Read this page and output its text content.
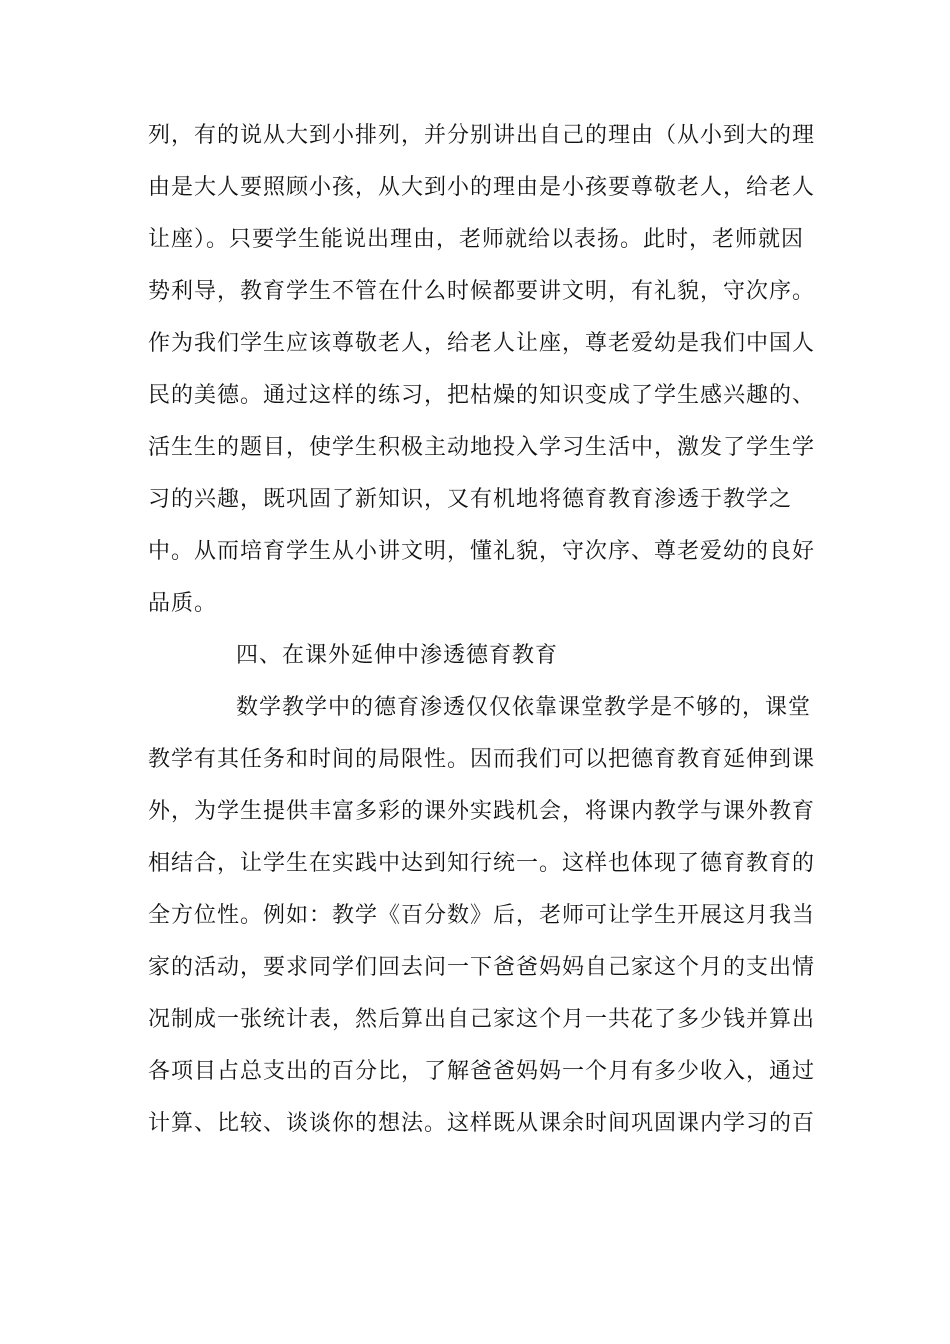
列，有的说从大到小排列，并分别讲出自己的理由（从小到大的理
由是大人要照顾小孩，从大到小的理由是小孩要尊敬老人，给老人
让座）。只要学生能说出理由，老师就给以表扬。此时，老师就因
势利导，教育学生不管在什么时候都要讲文明，有礼貌，守次序。
作为我们学生应该尊敬老人，给老人让座，尊老爱幼是我们中国人
民的美德。通过这样的练习，把枯燥的知识变成了学生感兴趣的、
活生生的题目，使学生积极主动地投入学习生活中，激发了学生学
习的兴趣，既巩固了新知识，又有机地将德育教育渗透于教学之
中。从而培育学生从小讲文明，懂礼貌，守次序、尊老爱幼的良好
品质。
四、在课外延伸中渗透德育教育
数学教学中的德育渗透仅仅依靠课堂教学是不够的，课堂
教学有其任务和时间的局限性。因而我们可以把德育教育延伸到课
外，为学生提供丰富多彩的课外实践机会，将课内教学与课外教育
相结合，让学生在实践中达到知行统一。这样也体现了德育教育的
全方位性。例如：教学《百分数》后，老师可让学生开展这月我当
家的活动，要求同学们回去问一下爸爸妈妈自己家这个月的支出情
况制成一张统计表，然后算出自己家这个月一共花了多少钱并算出
各项目占总支出的百分比，了解爸爸妈妈一个月有多少收入，通过
计算、比较、谈谈你的想法。这样既从课余时间巩固课内学习的百
